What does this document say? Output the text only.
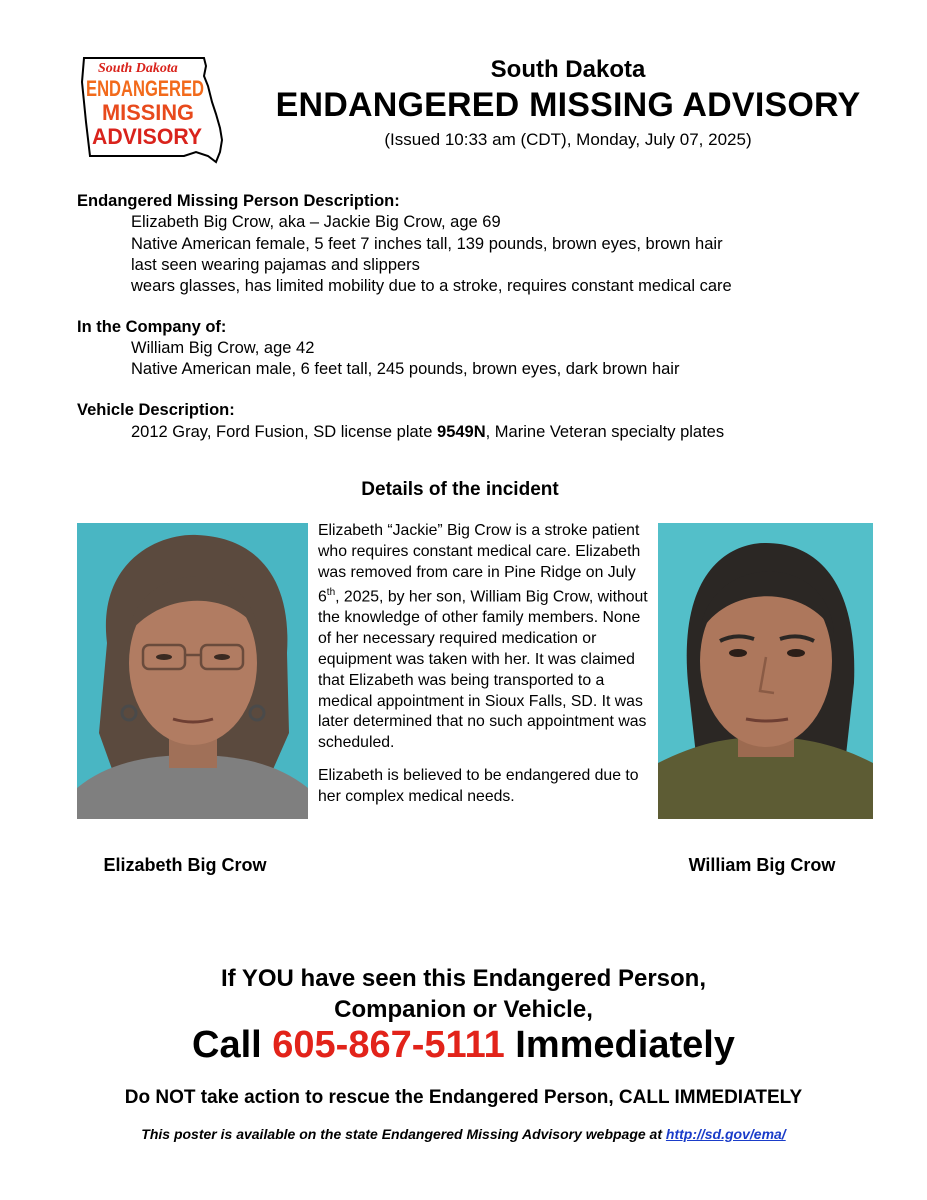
South Dakota
ENDANGERED
MISSING
ADVISORY
South Dakota
ENDANGERED MISSING ADVISORY
(Issued 10:33 am (CDT), Monday, July 07, 2025)
Endangered Missing Person Description:
Elizabeth Big Crow, aka – Jackie Big Crow, age 69
Native American female, 5 feet 7 inches tall, 139 pounds, brown eyes, brown hair
last seen wearing pajamas and slippers
wears glasses, has limited mobility due to a stroke, requires constant medical care
In the Company of:
William Big Crow, age 42
Native American male, 6 feet tall, 245 pounds, brown eyes, dark brown hair
Vehicle Description:
2012 Gray, Ford Fusion, SD license plate 9549N, Marine Veteran specialty plates
Details of the incident

Elizabeth “Jackie” Big Crow is a stroke patient who requires constant medical care. Elizabeth was removed from care in Pine Ridge on July 6th, 2025, by her son, William Big Crow, without the knowledge of other family members. None of her necessary required medication or equipment was taken with her. It was claimed that Elizabeth was being transported to a medical appointment in Sioux Falls, SD. It was later determined that no such appointment was scheduled.

Elizabeth is believed to be endangered due to her complex medical needs.

Elizabeth Big Crow	William Big Crow
If YOU have seen this Endangered Person,
Companion or Vehicle,
Call 605-867-5111 Immediately
Do NOT take action to rescue the Endangered Person, CALL IMMEDIATELY
This poster is available on the state Endangered Missing Advisory webpage at http://sd.gov/ema/
